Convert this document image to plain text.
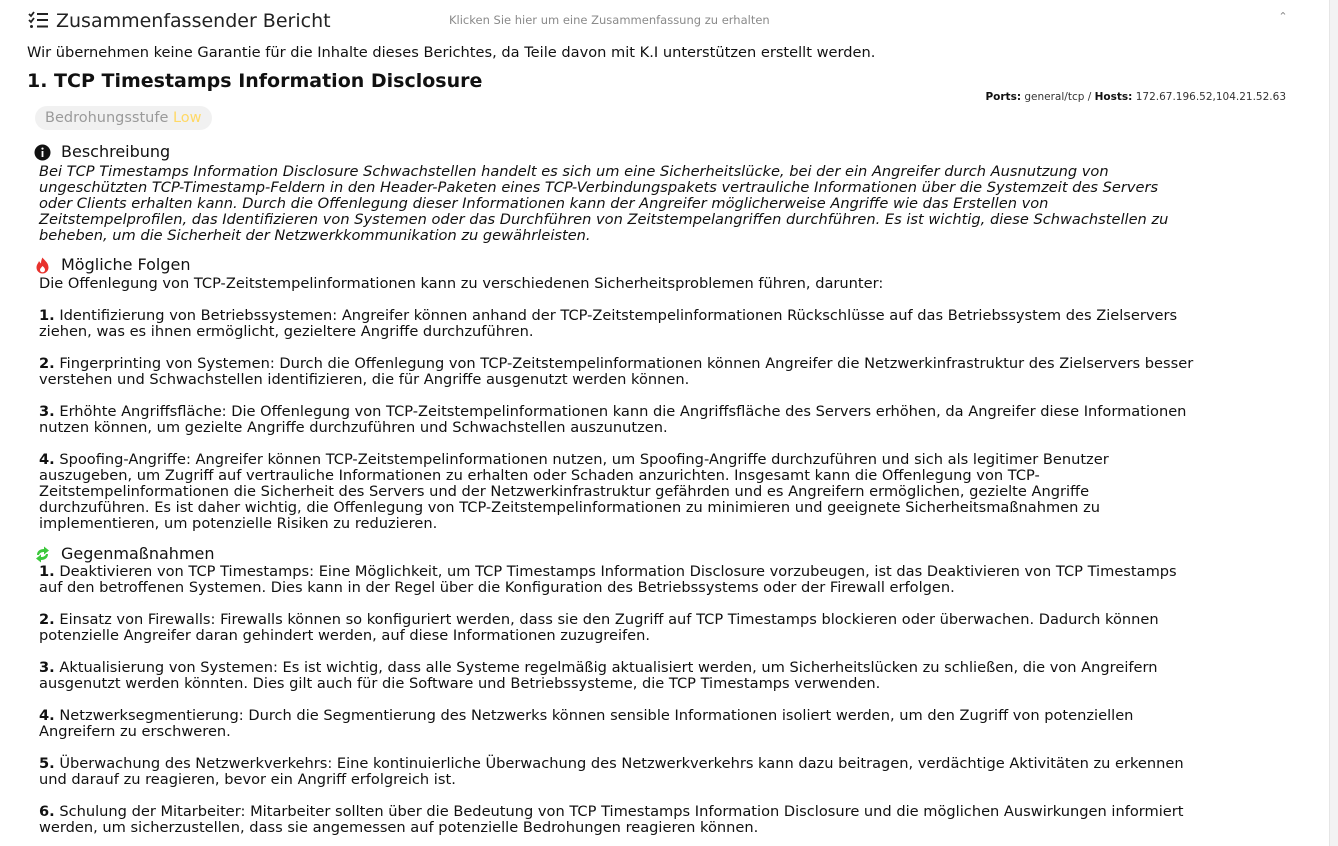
Zusammenfassender Bericht	Klicken Sie hier um eine Zusammenfassung zu erhalten	⌃
Wir übernehmen keine Garantie für die Inhalte dieses Berichtes, da Teile davon mit K.I unterstützen erstellt werden.
1. TCP Timestamps Information Disclosure
Ports: general/tcp / Hosts: 172.67.196.52,104.21.52.63
Bedrohungsstufe Low
Beschreibung

Bei TCP Timestamps Information Disclosure Schwachstellen handelt es sich um eine Sicherheitslücke, bei der ein Angreifer durch Ausnutzung von

ungeschützten TCP-Timestamp-Feldern in den Header-Paketen eines TCP-Verbindungspakets vertrauliche Informationen über die Systemzeit des Servers

oder Clients erhalten kann. Durch die Offenlegung dieser Informationen kann der Angreifer möglicherweise Angriffe wie das Erstellen von

Zeitstempelprofilen, das Identifizieren von Systemen oder das Durchführen von Zeitstempelangriffen durchführen. Es ist wichtig, diese Schwachstellen zu

beheben, um die Sicherheit der Netzwerkkommunikation zu gewährleisten.

Mögliche Folgen

Die Offenlegung von TCP-Zeitstempelinformationen kann zu verschiedenen Sicherheitsproblemen führen, darunter:

1. Identifizierung von Betriebssystemen: Angreifer können anhand der TCP-Zeitstempelinformationen Rückschlüsse auf das Betriebssystem des Zielservers

ziehen, was es ihnen ermöglicht, gezieltere Angriffe durchzuführen.

2. Fingerprinting von Systemen: Durch die Offenlegung von TCP-Zeitstempelinformationen können Angreifer die Netzwerkinfrastruktur des Zielservers besser

verstehen und Schwachstellen identifizieren, die für Angriffe ausgenutzt werden können.

3. Erhöhte Angriffsfläche: Die Offenlegung von TCP-Zeitstempelinformationen kann die Angriffsfläche des Servers erhöhen, da Angreifer diese Informationen

nutzen können, um gezielte Angriffe durchzuführen und Schwachstellen auszunutzen.

4. Spoofing-Angriffe: Angreifer können TCP-Zeitstempelinformationen nutzen, um Spoofing-Angriffe durchzuführen und sich als legitimer Benutzer

auszugeben, um Zugriff auf vertrauliche Informationen zu erhalten oder Schaden anzurichten. Insgesamt kann die Offenlegung von TCP-

Zeitstempelinformationen die Sicherheit des Servers und der Netzwerkinfrastruktur gefährden und es Angreifern ermöglichen, gezielte Angriffe

durchzuführen. Es ist daher wichtig, die Offenlegung von TCP-Zeitstempelinformationen zu minimieren und geeignete Sicherheitsmaßnahmen zu

implementieren, um potenzielle Risiken zu reduzieren.

Gegenmaßnahmen

1. Deaktivieren von TCP Timestamps: Eine Möglichkeit, um TCP Timestamps Information Disclosure vorzubeugen, ist das Deaktivieren von TCP Timestamps

auf den betroffenen Systemen. Dies kann in der Regel über die Konfiguration des Betriebssystems oder der Firewall erfolgen.

2. Einsatz von Firewalls: Firewalls können so konfiguriert werden, dass sie den Zugriff auf TCP Timestamps blockieren oder überwachen. Dadurch können

potenzielle Angreifer daran gehindert werden, auf diese Informationen zuzugreifen.

3. Aktualisierung von Systemen: Es ist wichtig, dass alle Systeme regelmäßig aktualisiert werden, um Sicherheitslücken zu schließen, die von Angreifern

ausgenutzt werden könnten. Dies gilt auch für die Software und Betriebssysteme, die TCP Timestamps verwenden.

4. Netzwerksegmentierung: Durch die Segmentierung des Netzwerks können sensible Informationen isoliert werden, um den Zugriff von potenziellen

Angreifern zu erschweren.

5. Überwachung des Netzwerkverkehrs: Eine kontinuierliche Überwachung des Netzwerkverkehrs kann dazu beitragen, verdächtige Aktivitäten zu erkennen

und darauf zu reagieren, bevor ein Angriff erfolgreich ist.

6. Schulung der Mitarbeiter: Mitarbeiter sollten über die Bedeutung von TCP Timestamps Information Disclosure und die möglichen Auswirkungen informiert

werden, um sicherzustellen, dass sie angemessen auf potenzielle Bedrohungen reagieren können.
